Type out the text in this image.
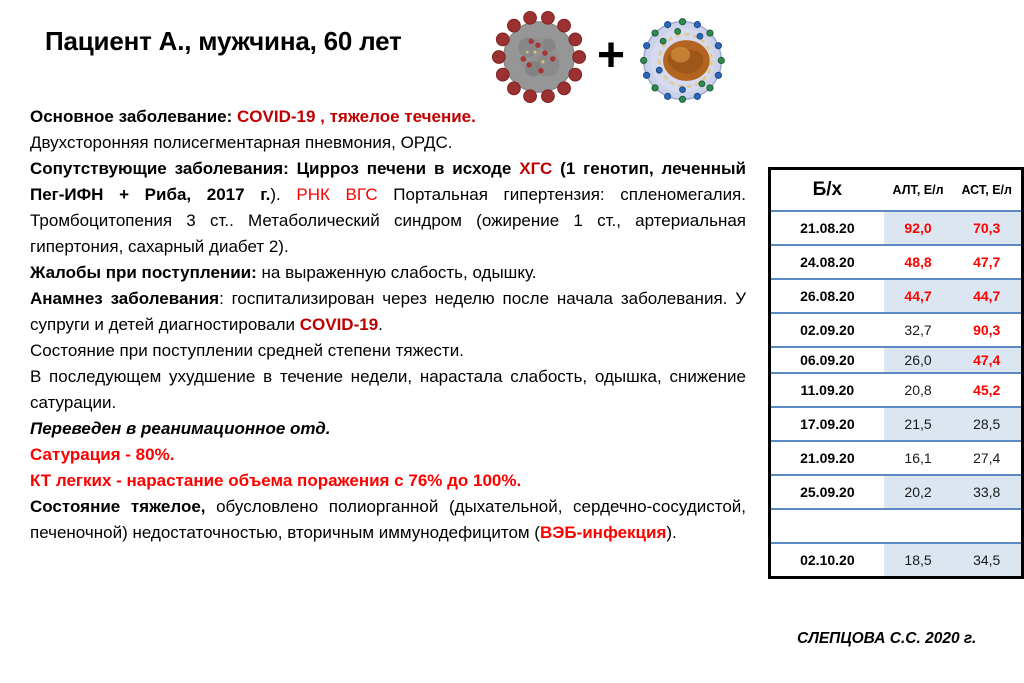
Пациент А., мужчина, 60 лет	+

Основное заболевание: COVID-19 , тяжелое течение.
Двухсторонняя полисегментарная пневмония, ОРДС.

Сопутствующие заболевания: Цирроз печени в исходе ХГС (1 генотип, леченный Пег-ИФН + Риба, 2017 г.). РНК ВГС Портальная гипертензия: спленомегалия. Тромбоцитопения 3 ст.. Метаболический синдром (ожирение 1 ст., артериальная гипертония, сахарный диабет 2).

Жалобы при поступлении: на выраженную слабость, одышку.

Анамнез заболевания: госпитализирован через неделю после начала заболевания. У супруги и детей диагностировали COVID-19.

Состояние при поступлении средней степени тяжести.
В последующем ухудшение в течение недели, нарастала слабость, одышка, снижение сатурации.

Переведен в реанимационное отд.
Сатурация - 80%.
КТ легких - нарастание объема поражения с 76% до 100%.

Состояние тяжелое, обусловлено полиорганной (дыхательной, сердечно-сосудистой, печеночной) недостаточностью, вторичным иммунодефицитом (ВЭБ-инфекция).

Б/х	АЛТ, Е/л	АСТ, Е/л
21.08.20	92,0	70,3
24.08.20	48,8	47,7
26.08.20	44,7	44,7
02.09.20	32,7	90,3
06.09.20	26,0	47,4
11.09.20	20,8	45,2
17.09.20	21,5	28,5
21.09.20	16,1	27,4
25.09.20	20,2	33,8

02.10.20	18,5	34,5
СЛЕПЦОВА С.С. 2020 г.
